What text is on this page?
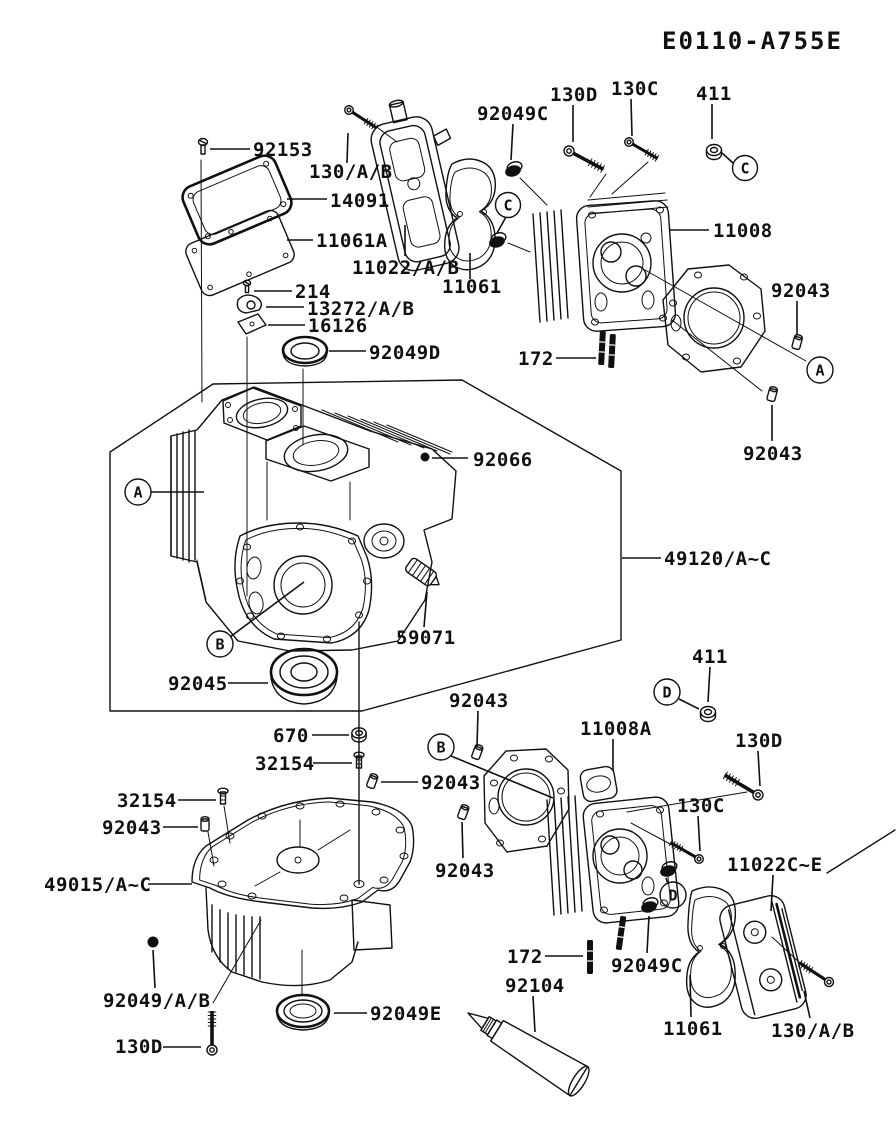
C
C
A
A
B
B
D
D
E0110-A755E
92153
130/A/B
14091
11061A
11022/A/B
11061
214
13272/A/B
16126
92049D
92049C
130D 130C 411
11008
92043
172
92043
92066
49120/A~C
59071
92045
670
32154
92043
32154
92043
49015/A~C
92043
11008A
411
130D
130C
11022C~E
92043
172	92049C
92104
92049E
92049/A/B
130D
11061	130/A/B
